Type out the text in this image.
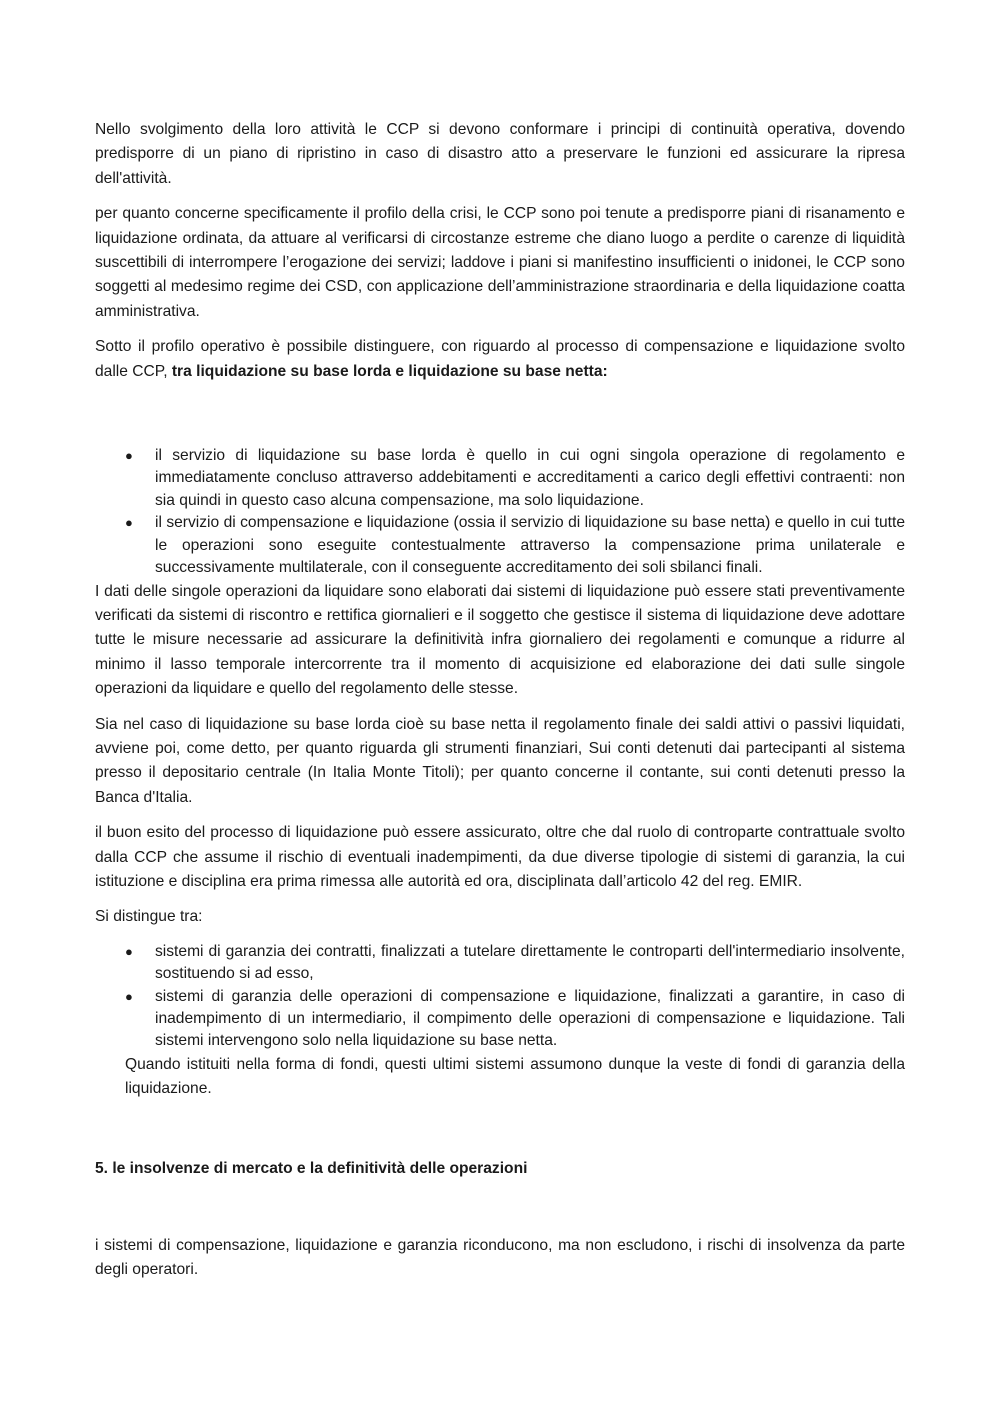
Nello svolgimento della loro attività le CCP si devono conformare i principi di continuità operativa, dovendo predisporre di un piano di ripristino in caso di disastro atto a preservare le funzioni ed assicurare la ripresa dell'attività.

per quanto concerne specificamente il profilo della crisi, le CCP sono poi tenute a predisporre piani di risanamento e liquidazione ordinata, da attuare al verificarsi di circostanze estreme che diano luogo a perdite o carenze di liquidità suscettibili di interrompere l’erogazione dei servizi; laddove i piani si manifestino insufficienti o inidonei, le CCP sono soggetti al medesimo regime dei CSD, con applicazione dell’amministrazione straordinaria e della liquidazione coatta amministrativa.

Sotto il profilo operativo è possibile distinguere, con riguardo al processo di compensazione e liquidazione svolto dalle CCP, tra liquidazione su base lorda e liquidazione su base netta:

● il servizio di liquidazione su base lorda è quello in cui ogni singola operazione di regolamento e immediatamente concluso attraverso addebitamenti e accreditamenti a carico degli effettivi contraenti: non sia quindi in questo caso alcuna compensazione, ma solo liquidazione.
● il servizio di compensazione e liquidazione (ossia il servizio di liquidazione su base netta) e quello in cui tutte le operazioni sono eseguite contestualmente attraverso la compensazione prima unilaterale e successivamente multilaterale, con il conseguente accreditamento dei soli sbilanci finali.

I dati delle singole operazioni da liquidare sono elaborati dai sistemi di liquidazione può essere stati preventivamente verificati da sistemi di riscontro e rettifica giornalieri e il soggetto che gestisce il sistema di liquidazione deve adottare tutte le misure necessarie ad assicurare la definitività infra giornaliero dei regolamenti e comunque a ridurre al minimo il lasso temporale intercorrente tra il momento di acquisizione ed elaborazione dei dati sulle singole operazioni da liquidare e quello del regolamento delle stesse.

Sia nel caso di liquidazione su base lorda cioè su base netta il regolamento finale dei saldi attivi o passivi liquidati, avviene poi, come detto, per quanto riguarda gli strumenti finanziari, Sui conti detenuti dai partecipanti al sistema presso il depositario centrale (In Italia Monte Titoli); per quanto concerne il contante, sui conti detenuti presso la Banca d'Italia.

il buon esito del processo di liquidazione può essere assicurato, oltre che dal ruolo di controparte contrattuale svolto dalla CCP che assume il rischio di eventuali inadempimenti, da due diverse tipologie di sistemi di garanzia, la cui istituzione e disciplina era prima rimessa alle autorità ed ora, disciplinata dall’articolo 42 del reg. EMIR.

Si distingue tra:

● sistemi di garanzia dei contratti, finalizzati a tutelare direttamente le controparti dell'intermediario insolvente, sostituendo si ad esso,
● sistemi di garanzia delle operazioni di compensazione e liquidazione, finalizzati a garantire, in caso di inadempimento di un intermediario, il compimento delle operazioni di compensazione e liquidazione. Tali sistemi intervengono solo nella liquidazione su base netta.

Quando istituiti nella forma di fondi, questi ultimi sistemi assumono dunque la veste di fondi di garanzia della liquidazione.

5. le insolvenze di mercato e la definitività delle operazioni

i sistemi di compensazione, liquidazione e garanzia riconducono, ma non escludono, i rischi di insolvenza da parte degli operatori.
